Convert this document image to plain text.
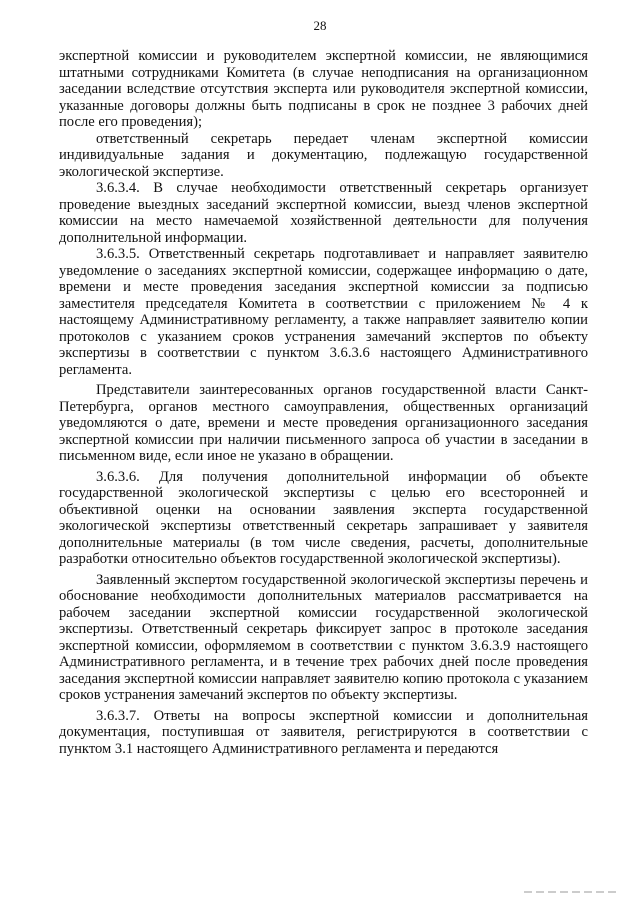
28

экспертной комиссии и руководителем экспертной комиссии, не являющимися штатными сотрудниками Комитета (в случае неподписания на организационном заседании вследствие отсутствия эксперта или руководителя экспертной комиссии, указанные договоры должны быть подписаны в срок не позднее 3 рабочих дней после его проведения);

ответственный секретарь передает членам экспертной комиссии индивидуальные задания и документацию, подлежащую государственной экологической экспертизе.

3.6.3.4. В случае необходимости ответственный секретарь организует проведение выездных заседаний экспертной комиссии, выезд членов экспертной комиссии на место намечаемой хозяйственной деятельности для получения дополнительной информации.

3.6.3.5. Ответственный секретарь подготавливает и направляет заявителю уведомление о заседаниях экспертной комиссии, содержащее информацию о дате, времени и месте проведения заседания экспертной комиссии за подписью заместителя председателя Комитета в соответствии с приложением № 4 к настоящему Административному регламенту, а также направляет заявителю копии протоколов с указанием сроков устранения замечаний экспертов по объекту экспертизы в соответствии с пунктом 3.6.3.6 настоящего Административного регламента.

Представители заинтересованных органов государственной власти Санкт-Петербурга, органов местного самоуправления, общественных организаций уведомляются о дате, времени и месте проведения организационного заседания экспертной комиссии при наличии письменного запроса об участии в заседании в письменном виде, если иное не указано в обращении.

3.6.3.6. Для получения дополнительной информации об объекте государственной экологической экспертизы с целью его всесторонней и объективной оценки на основании заявления эксперта государственной экологической экспертизы ответственный секретарь запрашивает у заявителя дополнительные материалы (в том числе сведения, расчеты, дополнительные разработки относительно объектов государственной экологической экспертизы).

Заявленный экспертом государственной экологической экспертизы перечень и обоснование необходимости дополнительных материалов рассматривается на рабочем заседании экспертной комиссии государственной экологической экспертизы. Ответственный секретарь фиксирует запрос в протоколе заседания экспертной комиссии, оформляемом в соответствии с пунктом 3.6.3.9 настоящего Административного регламента, и в течение трех рабочих дней после проведения заседания экспертной комиссии направляет заявителю копию протокола с указанием сроков устранения замечаний экспертов по объекту экспертизы.

3.6.3.7. Ответы на вопросы экспертной комиссии и дополнительная документация, поступившая от заявителя, регистрируются в соответствии с пунктом 3.1 настоящего Административного регламента и передаются
